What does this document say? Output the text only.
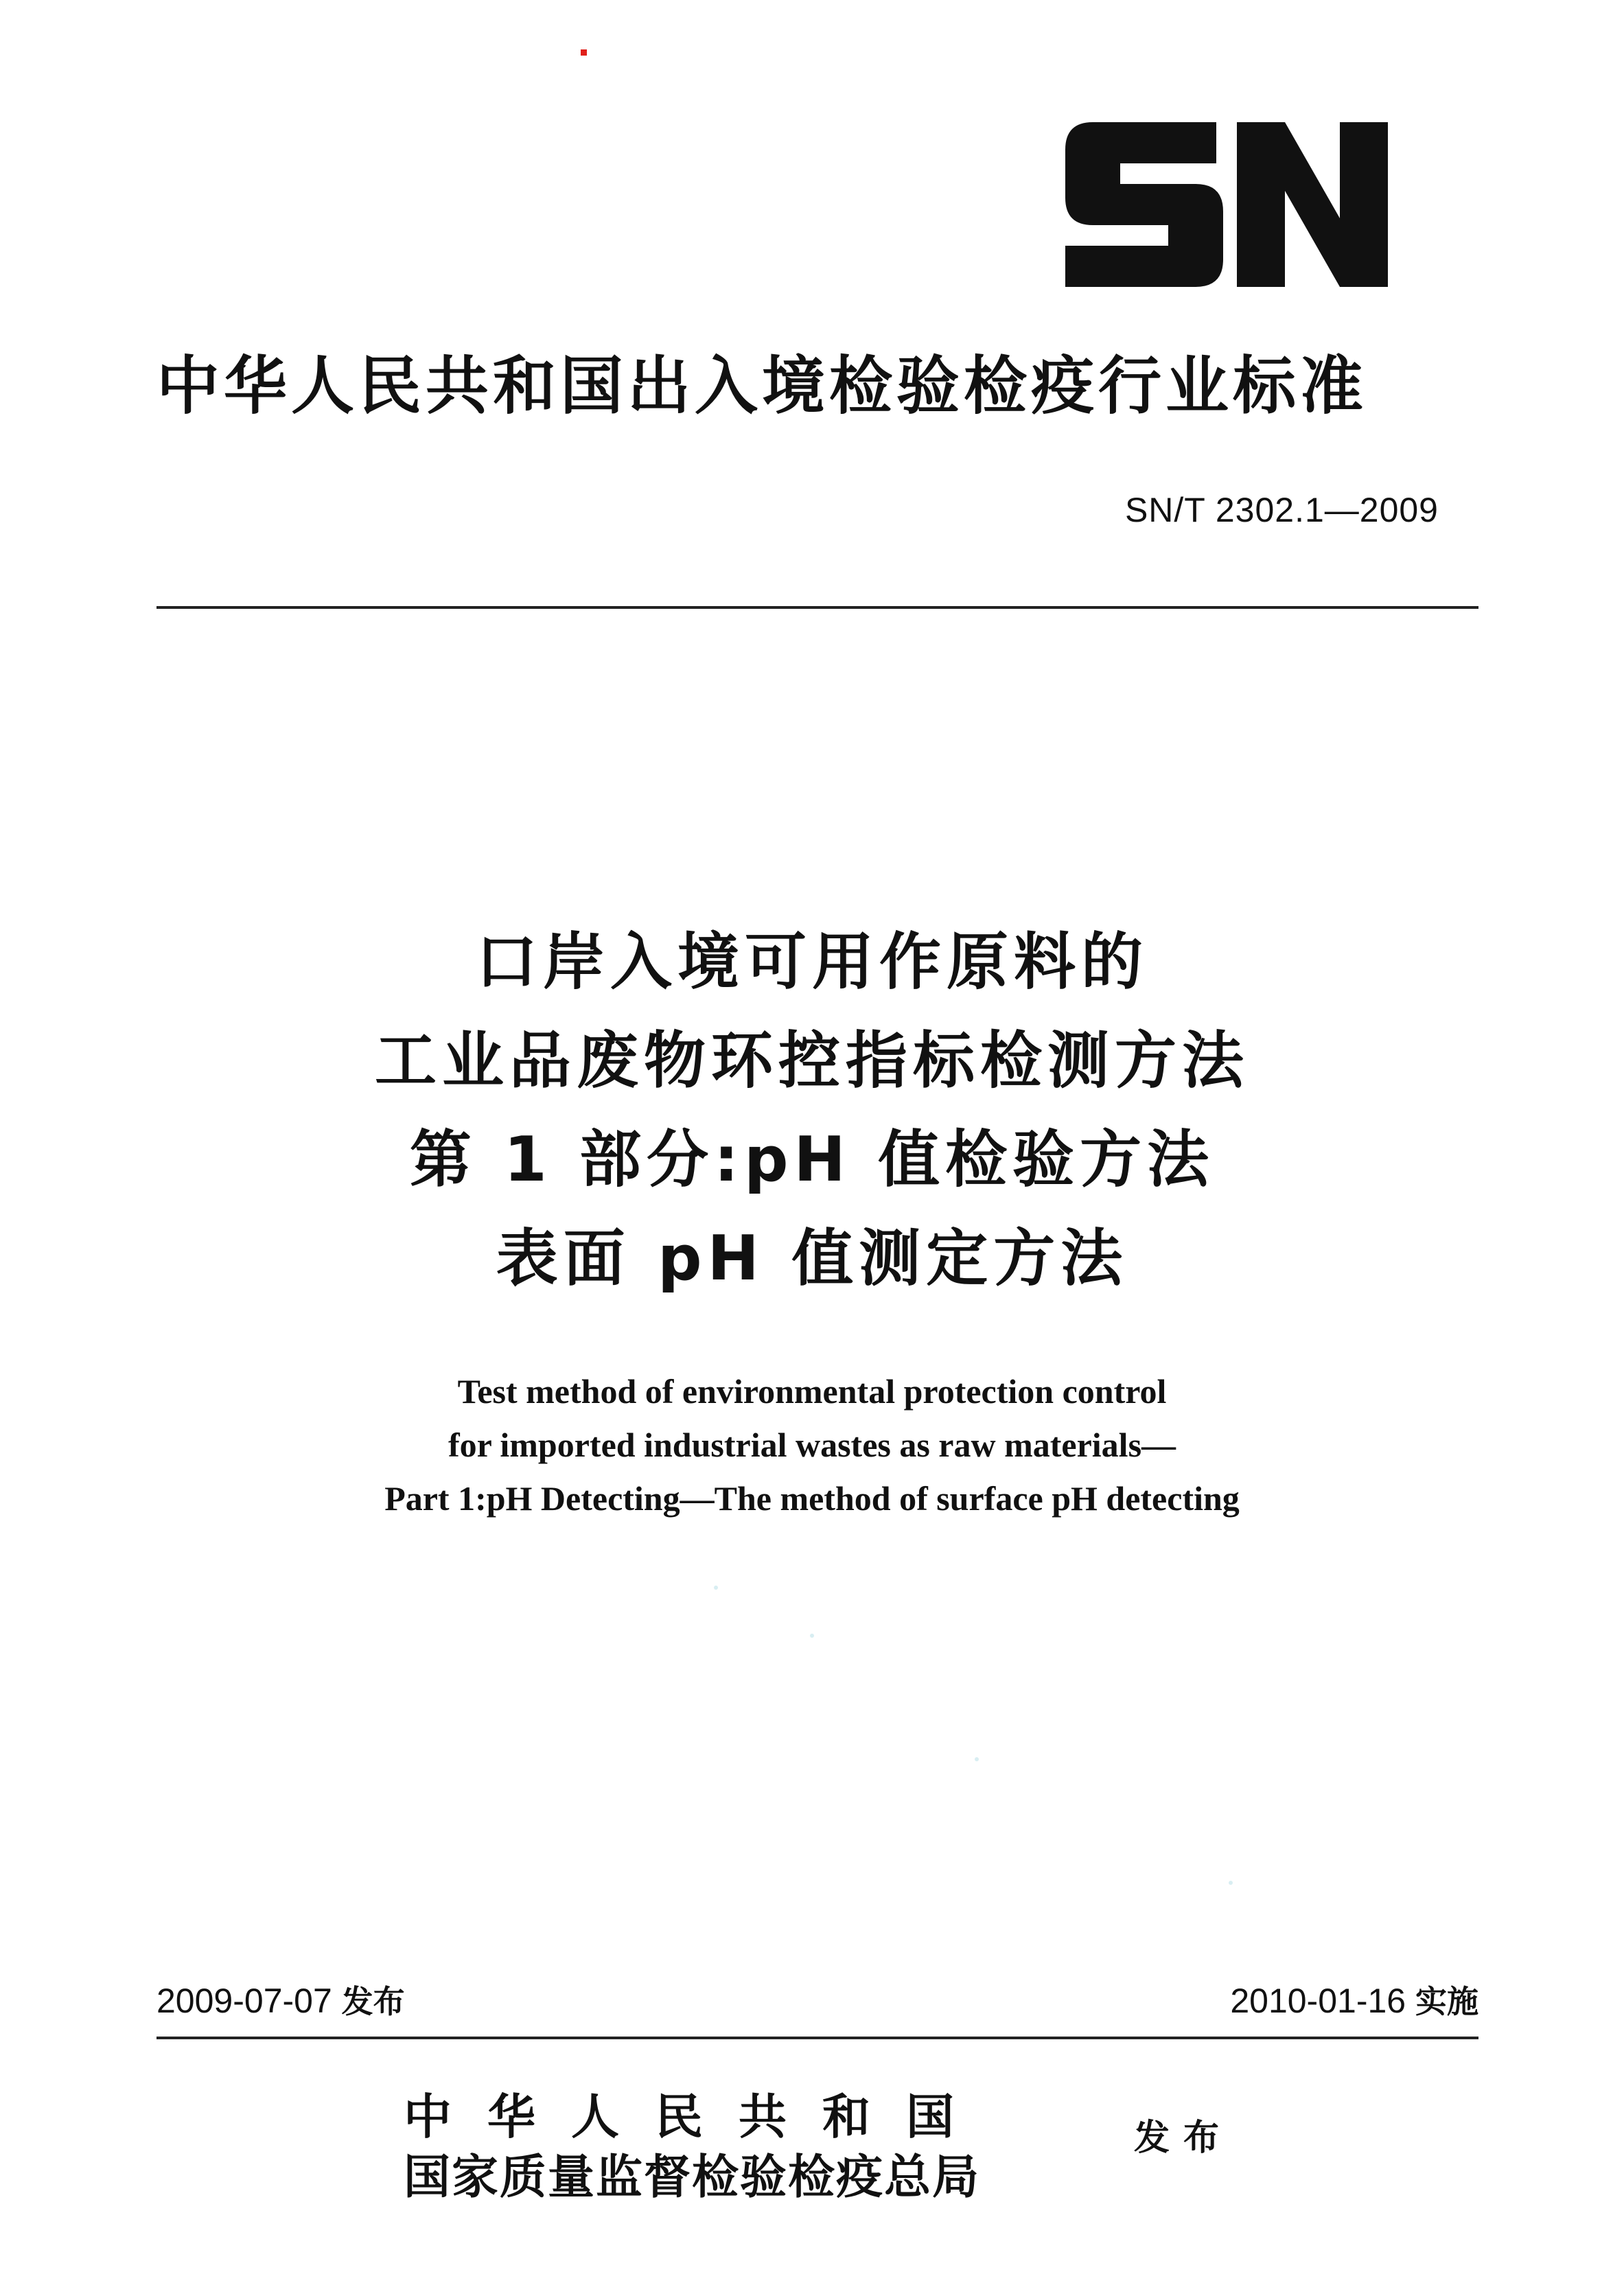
中华人民共和国出入境检验检疫行业标准
SN/T 2302.1—2009
口岸入境可用作原料的
工业品废物环控指标检测方法
第 1 部分:pH 值检验方法
表面 pH 值测定方法
Test method of environmental protection control
for imported industrial wastes as raw materials—
Part 1:pH Detecting—The method of surface pH detecting
2009-07-07 发布	2010-01-16 实施
中华人民共和国
国家质量监督检验检疫总局
发布
